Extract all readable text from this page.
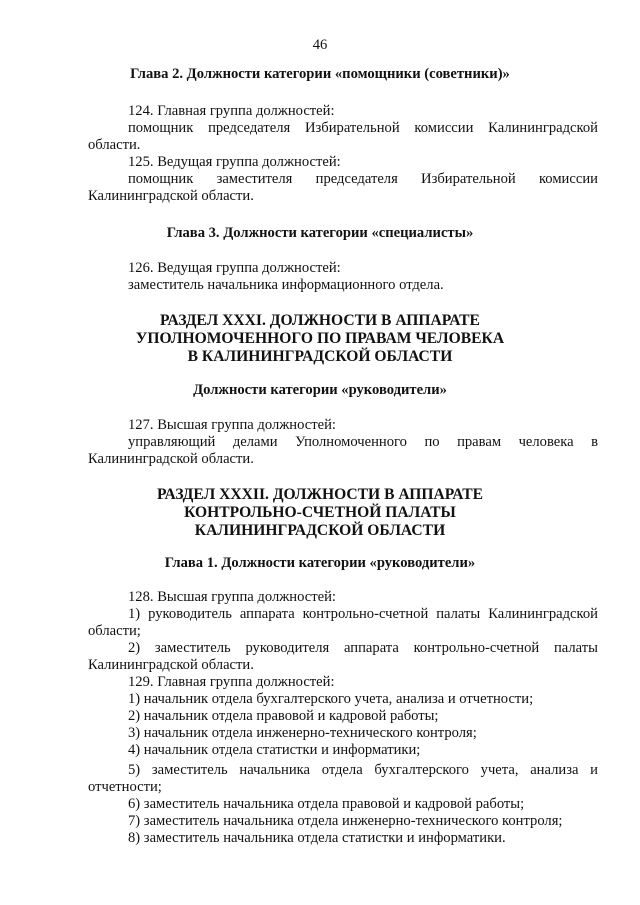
46
Глава 2. Должности категории «помощники (советники)»
124. Главная группа должностей:
помощник председателя Избирательной комиссии Калининградской
области.
125. Ведущая группа должностей:
помощник заместителя председателя Избирательной комиссии
Калининградской области.
Глава 3. Должности категории «специалисты»
126. Ведущая группа должностей:
заместитель начальника информационного отдела.
РАЗДЕЛ XXXI. ДОЛЖНОСТИ В АППАРАТЕ
УПОЛНОМОЧЕННОГО ПО ПРАВАМ ЧЕЛОВЕКА
В КАЛИНИНГРАДСКОЙ ОБЛАСТИ
Должности категории «руководители»
127. Высшая группа должностей:
управляющий делами Уполномоченного по правам человека в
Калининградской области.
РАЗДЕЛ XXXII. ДОЛЖНОСТИ В АППАРАТЕ
КОНТРОЛЬНО-СЧЕТНОЙ ПАЛАТЫ
КАЛИНИНГРАДСКОЙ ОБЛАСТИ
Глава 1. Должности категории «руководители»
128. Высшая группа должностей:
1) руководитель аппарата контрольно-счетной палаты Калининградской
области;
2) заместитель руководителя аппарата контрольно-счетной палаты
Калининградской области.
129. Главная группа должностей:
1) начальник отдела бухгалтерского учета, анализа и отчетности;
2) начальник отдела правовой и кадровой работы;
3) начальник отдела инженерно-технического контроля;
4) начальник отдела статистки и информатики;
5) заместитель начальника отдела бухгалтерского учета, анализа и
отчетности;
6) заместитель начальника отдела правовой и кадровой работы;
7) заместитель начальника отдела инженерно-технического контроля;
8) заместитель начальника отдела статистки и информатики.
